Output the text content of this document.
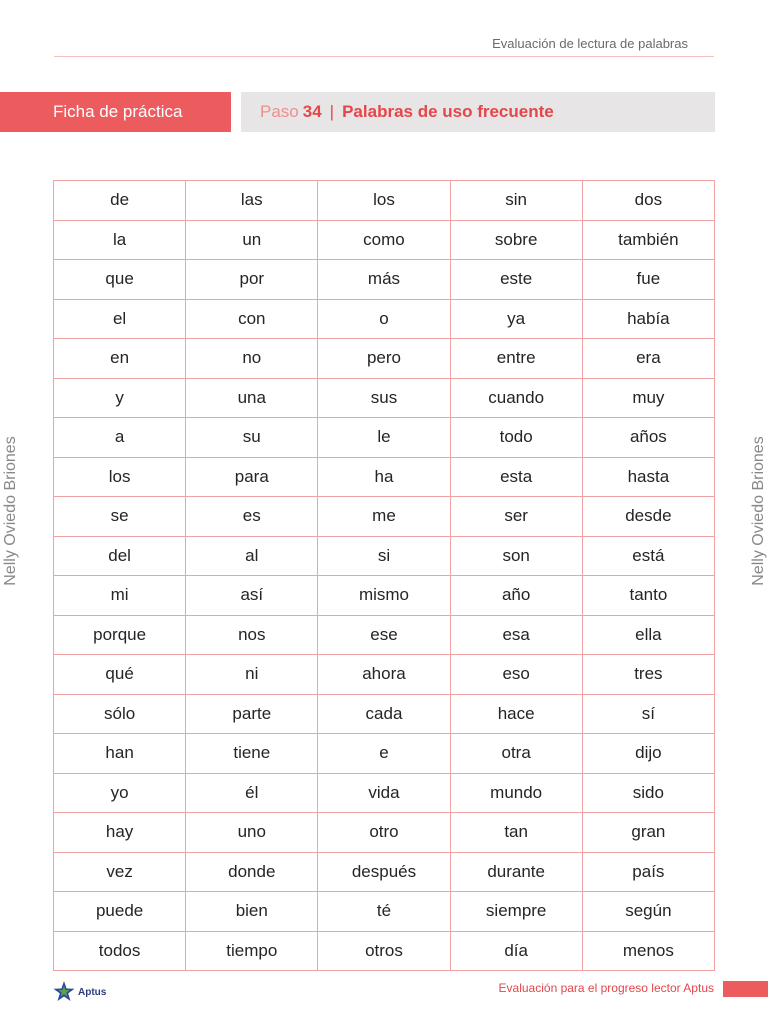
Evaluación de lectura de palabras
Ficha de práctica	Paso 34 | Palabras de uso frecuente
de	las	los	sin	dos
la	un	como	sobre	también
que	por	más	este	fue
el	con	o	ya	había
en	no	pero	entre	era
y	una	sus	cuando	muy
a	su	le	todo	años
los	para	ha	esta	hasta
se	es	me	ser	desde
del	al	si	son	está
mi	así	mismo	año	tanto
porque	nos	ese	esa	ella
qué	ni	ahora	eso	tres
sólo	parte	cada	hace	sí
han	tiene	e	otra	dijo
yo	él	vida	mundo	sido
hay	uno	otro	tan	gran
vez	donde	después	durante	país
puede	bien	té	siempre	según
todos	tiempo	otros	día	menos
Nelly Oviedo Briones	Nelly Oviedo Briones
Aptus	Evaluación para el progreso lector Aptus
